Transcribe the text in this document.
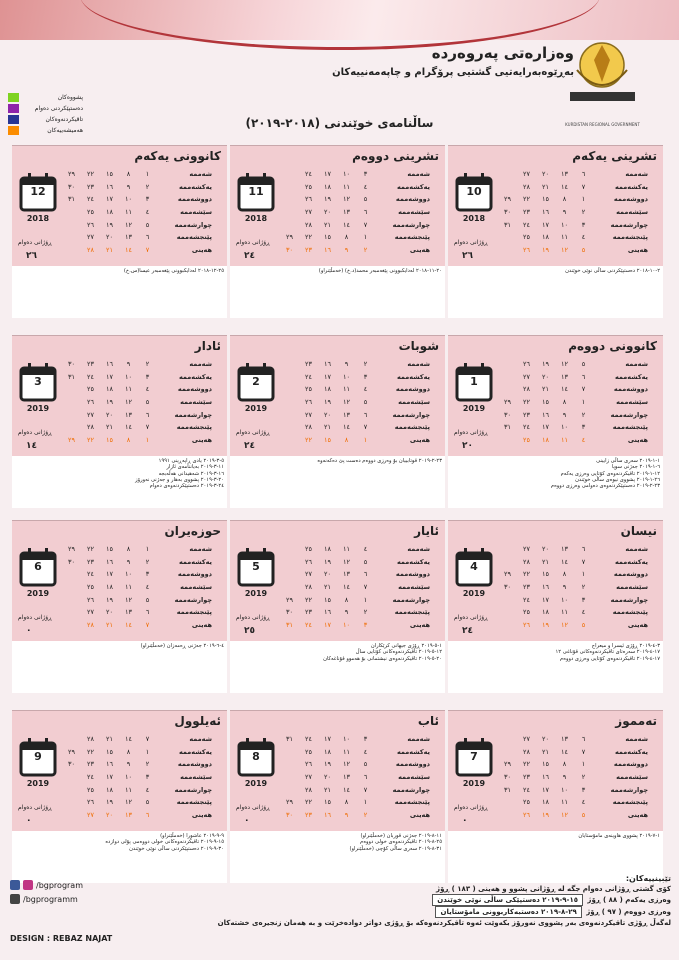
KURDISTAN REGIONAL GOVERNMENT
وەزارەتی پەروەردە
بەڕێوەبەرایەتیی گشتیی پرۆگرام و چاپەمەنییەکان
ساڵنامەی خوێندنی (٢٠١٨-٢٠١٩)
پشووەکان
دەستپێکردنی دەوام
تاقیکردنەوەکان
هەمیشەییەکان
تشرینی یەکەم
10
2018
ڕۆژانی دەوام
٢٦
شەممە	٦	١٣	٢٠	٢٧	
یەکشەممە	٧	١٤	٢١	٢٨	
دووشەممە	١	٨	١٥	٢٢	٢٩
سێشەممە	٢	٩	١٦	٢٣	٣٠
چوارشەممە	٣	١٠	١٧	٢٤	٣١
پێنجشەممە	٤	١١	١٨	٢٥	
هەینی	٥	١٢	١٩	٢٦	
٢-١٠-٢٠١٨ دەستپێکردنی ساڵی نوێی خوێندن
تشرینی دووەم
11
2018
ڕۆژانی دەوام
٢٤
شەممە	٣	١٠	١٧	٢٤	
یەکشەممە	٤	١١	١٨	٢٥	
دووشەممە	٥	١٢	١٩	٢٦	
سێشەممە	٦	١٣	٢٠	٢٧	
چوارشەممە	٧	١٤	٢١	٢٨	
پێنجشەممە	١	٨	١٥	٢٢	٢٩
هەینی	٢	٩	١٦	٢٣	٣٠
٢٠-١١-٢٠١٨ لەدایکبوونی پێغەمبەر محمد(د.خ) (خەمڵێنراو)
کانوونی یەکەم
12
2018
ڕۆژانی دەوام
٢٦
شەممە	١	٨	١٥	٢٢	٢٩
یەکشەممە	٢	٩	١٦	٢٣	٣٠
دووشەممە	٣	١٠	١٧	٢٤	٣١
سێشەممە	٤	١١	١٨	٢٥	
چوارشەممە	٥	١٢	١٩	٢٦	
پێنجشەممە	٦	١٣	٢٠	٢٧	
هەینی	٧	١٤	٢١	٢٨	
٢٥-١٢-٢٠١٨ لەدایکبوونی پێغەمبەر عیسا(س.خ)
کانوونی دووەم
1
2019
ڕۆژانی دەوام
٢٠
شەممە	٥	١٢	١٩	٢٦	
یەکشەممە	٦	١٣	٢٠	٢٧	
دووشەممە	٧	١٤	٢١	٢٨	
سێشەممە	١	٨	١٥	٢٢	٢٩
چوارشەممە	٢	٩	١٦	٢٣	٣٠
پێنجشەممە	٣	١٠	١٧	٢٤	٣١
هەینی	٤	١١	١٨	٢٥	
١-١-٢٠١٩ سەری ساڵی زایینی
٦-١-٢٠١٩ جەژنی سوپا
١٢-١-٢٠١٩ تاقیکردنەوەی کۆتایی وەرزی یەکەم
٢٦-١-٢٠١٩ پشووی نیوەی ساڵی خوێندن
٢٣-٢-٢٠١٩ دەستپێکردنەوەی دەوامی وەرزی دووەم
شوبات
2
2019
ڕۆژانی دەوام
٢٤
شەممە	٢	٩	١٦	٢٣	
یەکشەممە	٣	١٠	١٧	٢٤	
دووشەممە	٤	١١	١٨	٢٥	
سێشەممە	٥	١٢	١٩	٢٦	
چوارشەممە	٦	١٣	٢٠	٢٧	
پێنجشەممە	٧	١٤	٢١	٢٨	
هەینی	١	٨	١٥	٢٢	
٢٣-٢-٢٠١٩ قوتابییان بۆ وەرزی دووەم دەست پێ دەکەنەوە
ئادار
3
2019
ڕۆژانی دەوام
١٤
شەممە	٢	٩	١٦	٢٣	٣٠
یەکشەممە	٣	١٠	١٧	٢٤	٣١
دووشەممە	٤	١١	١٨	٢٥	
سێشەممە	٥	١٢	١٩	٢٦	
چوارشەممە	٦	١٣	٢٠	٢٧	
پێنجشەممە	٧	١٤	٢١	٢٨	
هەینی	١	٨	١٥	٢٢	٢٩
٥-٣-٢٠١٩ یادی ڕاپەڕینی ١٩٩١
١١-٣-٢٠١٩ بەیاننامەی ئازار
١٦-٣-٢٠١٩ شەهیدانی هەڵەبجە
٢٠-٣-٢٠١٩ پشووی بەهار و جەژنی نەورۆز
٢٤-٣-٢٠١٩ دەستپێکردنەوەی دەوام
نیسان
4
2019
ڕۆژانی دەوام
٢٤
شەممە	٦	١٣	٢٠	٢٧	
یەکشەممە	٧	١٤	٢١	٢٨	
دووشەممە	١	٨	١٥	٢٢	٢٩
سێشەممە	٢	٩	١٦	٢٣	٣٠
چوارشەممە	٣	١٠	١٧	٢٤	
پێنجشەممە	٤	١١	١٨	٢٥	
هەینی	٥	١٢	١٩	٢٦	
٣-٤-٢٠١٩ ڕۆژی ئیسرا و میعراج
١٧-٤-٢٠١٩ سەرەتای تاقیکردنەوەکانی قۆناغی ١٢
١٧-٤-٢٠١٩ تاقیکردنەوەی کۆتایی وەرزی دووەم
ئایار
5
2019
ڕۆژانی دەوام
٢٥
شەممە	٤	١١	١٨	٢٥	
یەکشەممە	٥	١٢	١٩	٢٦	
دووشەممە	٦	١٣	٢٠	٢٧	
سێشەممە	٧	١٤	٢١	٢٨	
چوارشەممە	١	٨	١٥	٢٢	٢٩
پێنجشەممە	٢	٩	١٦	٢٣	٣٠
هەینی	٣	١٠	١٧	٢٤	٣١
١-٥-٢٠١٩ ڕۆژی جیهانی کرێکاران
١٢-٥-٢٠١٩ تاقیکردنەوەکانی کۆتایی ساڵ
٢٠-٥-٢٠١٩ تاقیکردنەوەی نیشتمانی بۆ هەموو قۆناغەکان
حوزەیران
6
2019
ڕۆژانی دەوام
٠
شەممە	١	٨	١٥	٢٢	٢٩
یەکشەممە	٢	٩	١٦	٢٣	٣٠
دووشەممە	٣	١٠	١٧	٢٤	
سێشەممە	٤	١١	١٨	٢٥	
چوارشەممە	٥	١٢	١٩	٢٦	
پێنجشەممە	٦	١٣	٢٠	٢٧	
هەینی	٧	١٤	٢١	٢٨	
٤-٦-٢٠١٩ جەژنی ڕەمەزان (خەمڵێنراو)
تەمموز
7
2019
ڕۆژانی دەوام
٠
شەممە	٦	١٣	٢٠	٢٧	
یەکشەممە	٧	١٤	٢١	٢٨	
دووشەممە	١	٨	١٥	٢٢	٢٩
سێشەممە	٢	٩	١٦	٢٣	٣٠
چوارشەممە	٣	١٠	١٧	٢٤	٣١
پێنجشەممە	٤	١١	١٨	٢٥	
هەینی	٥	١٢	١٩	٢٦	
١-٧-٢٠١٩ پشووی هاوینەی مامۆستایان
ئاب
8
2019
ڕۆژانی دەوام
٠
شەممە	٣	١٠	١٧	٢٤	٣١
یەکشەممە	٤	١١	١٨	٢٥	
دووشەممە	٥	١٢	١٩	٢٦	
سێشەممە	٦	١٣	٢٠	٢٧	
چوارشەممە	٧	١٤	٢١	٢٨	
پێنجشەممە	١	٨	١٥	٢٢	٢٩
هەینی	٢	٩	١٦	٢٣	٣٠
١١-٨-٢٠١٩ جەژنی قوربان (خەمڵێنراو)
٢٥-٨-٢٠١٩ تاقیکردنەوەی خولی دووەم
٣١-٨-٢٠١٩ سەری ساڵی کۆچی (خەمڵێنراو)
ئەیلوول
9
2019
ڕۆژانی دەوام
٠
شەممە	٧	١٤	٢١	٢٨	
یەکشەممە	١	٨	١٥	٢٢	٢٩
دووشەممە	٢	٩	١٦	٢٣	٣٠
سێشەممە	٣	١٠	١٧	٢٤	
چوارشەممە	٤	١١	١٨	٢٥	
پێنجشەممە	٥	١٢	١٩	٢٦	
هەینی	٦	١٣	٢٠	٢٧	
٩-٩-٢٠١٩ عاشورا (خەمڵێنراو)
١٥-٩-٢٠١٩ تاقیکردنەوەکانی خولی دووەمی پۆلی دوازدە
٣٠-٩-٢٠١٩ دەستپێکردنی ساڵی نوێی خوێندن
تێبینییەکان:
کۆی گشتی ڕۆژانی دەوام جگە لە ڕۆژانی پشوو و هەینی ( ١٨٣ ) ڕۆژ
وەرزی یەکەم ( ٨٨ ) ڕۆژ ١٥-٩-٢٠١٩ دەستپێکی ساڵی نوێی خوێندن
وەرزی دووەم ( ٩٧ ) ڕۆژ ٢٩-٨-٢٠١٩ دەستبەکاربوونی مامۆستایان
لەگەڵ ڕۆژی تاقیکردنەوەی بەر پشووی نەورۆز بکەوێت ئەوە تاقیکردنەوەکە بۆ ڕۆژی دواتر دوادەخرێت و بە هەمان زنجیرەی خشتەکان
/bgprogram
/bgprogramm
DESIGN : REBAZ NAJAT
